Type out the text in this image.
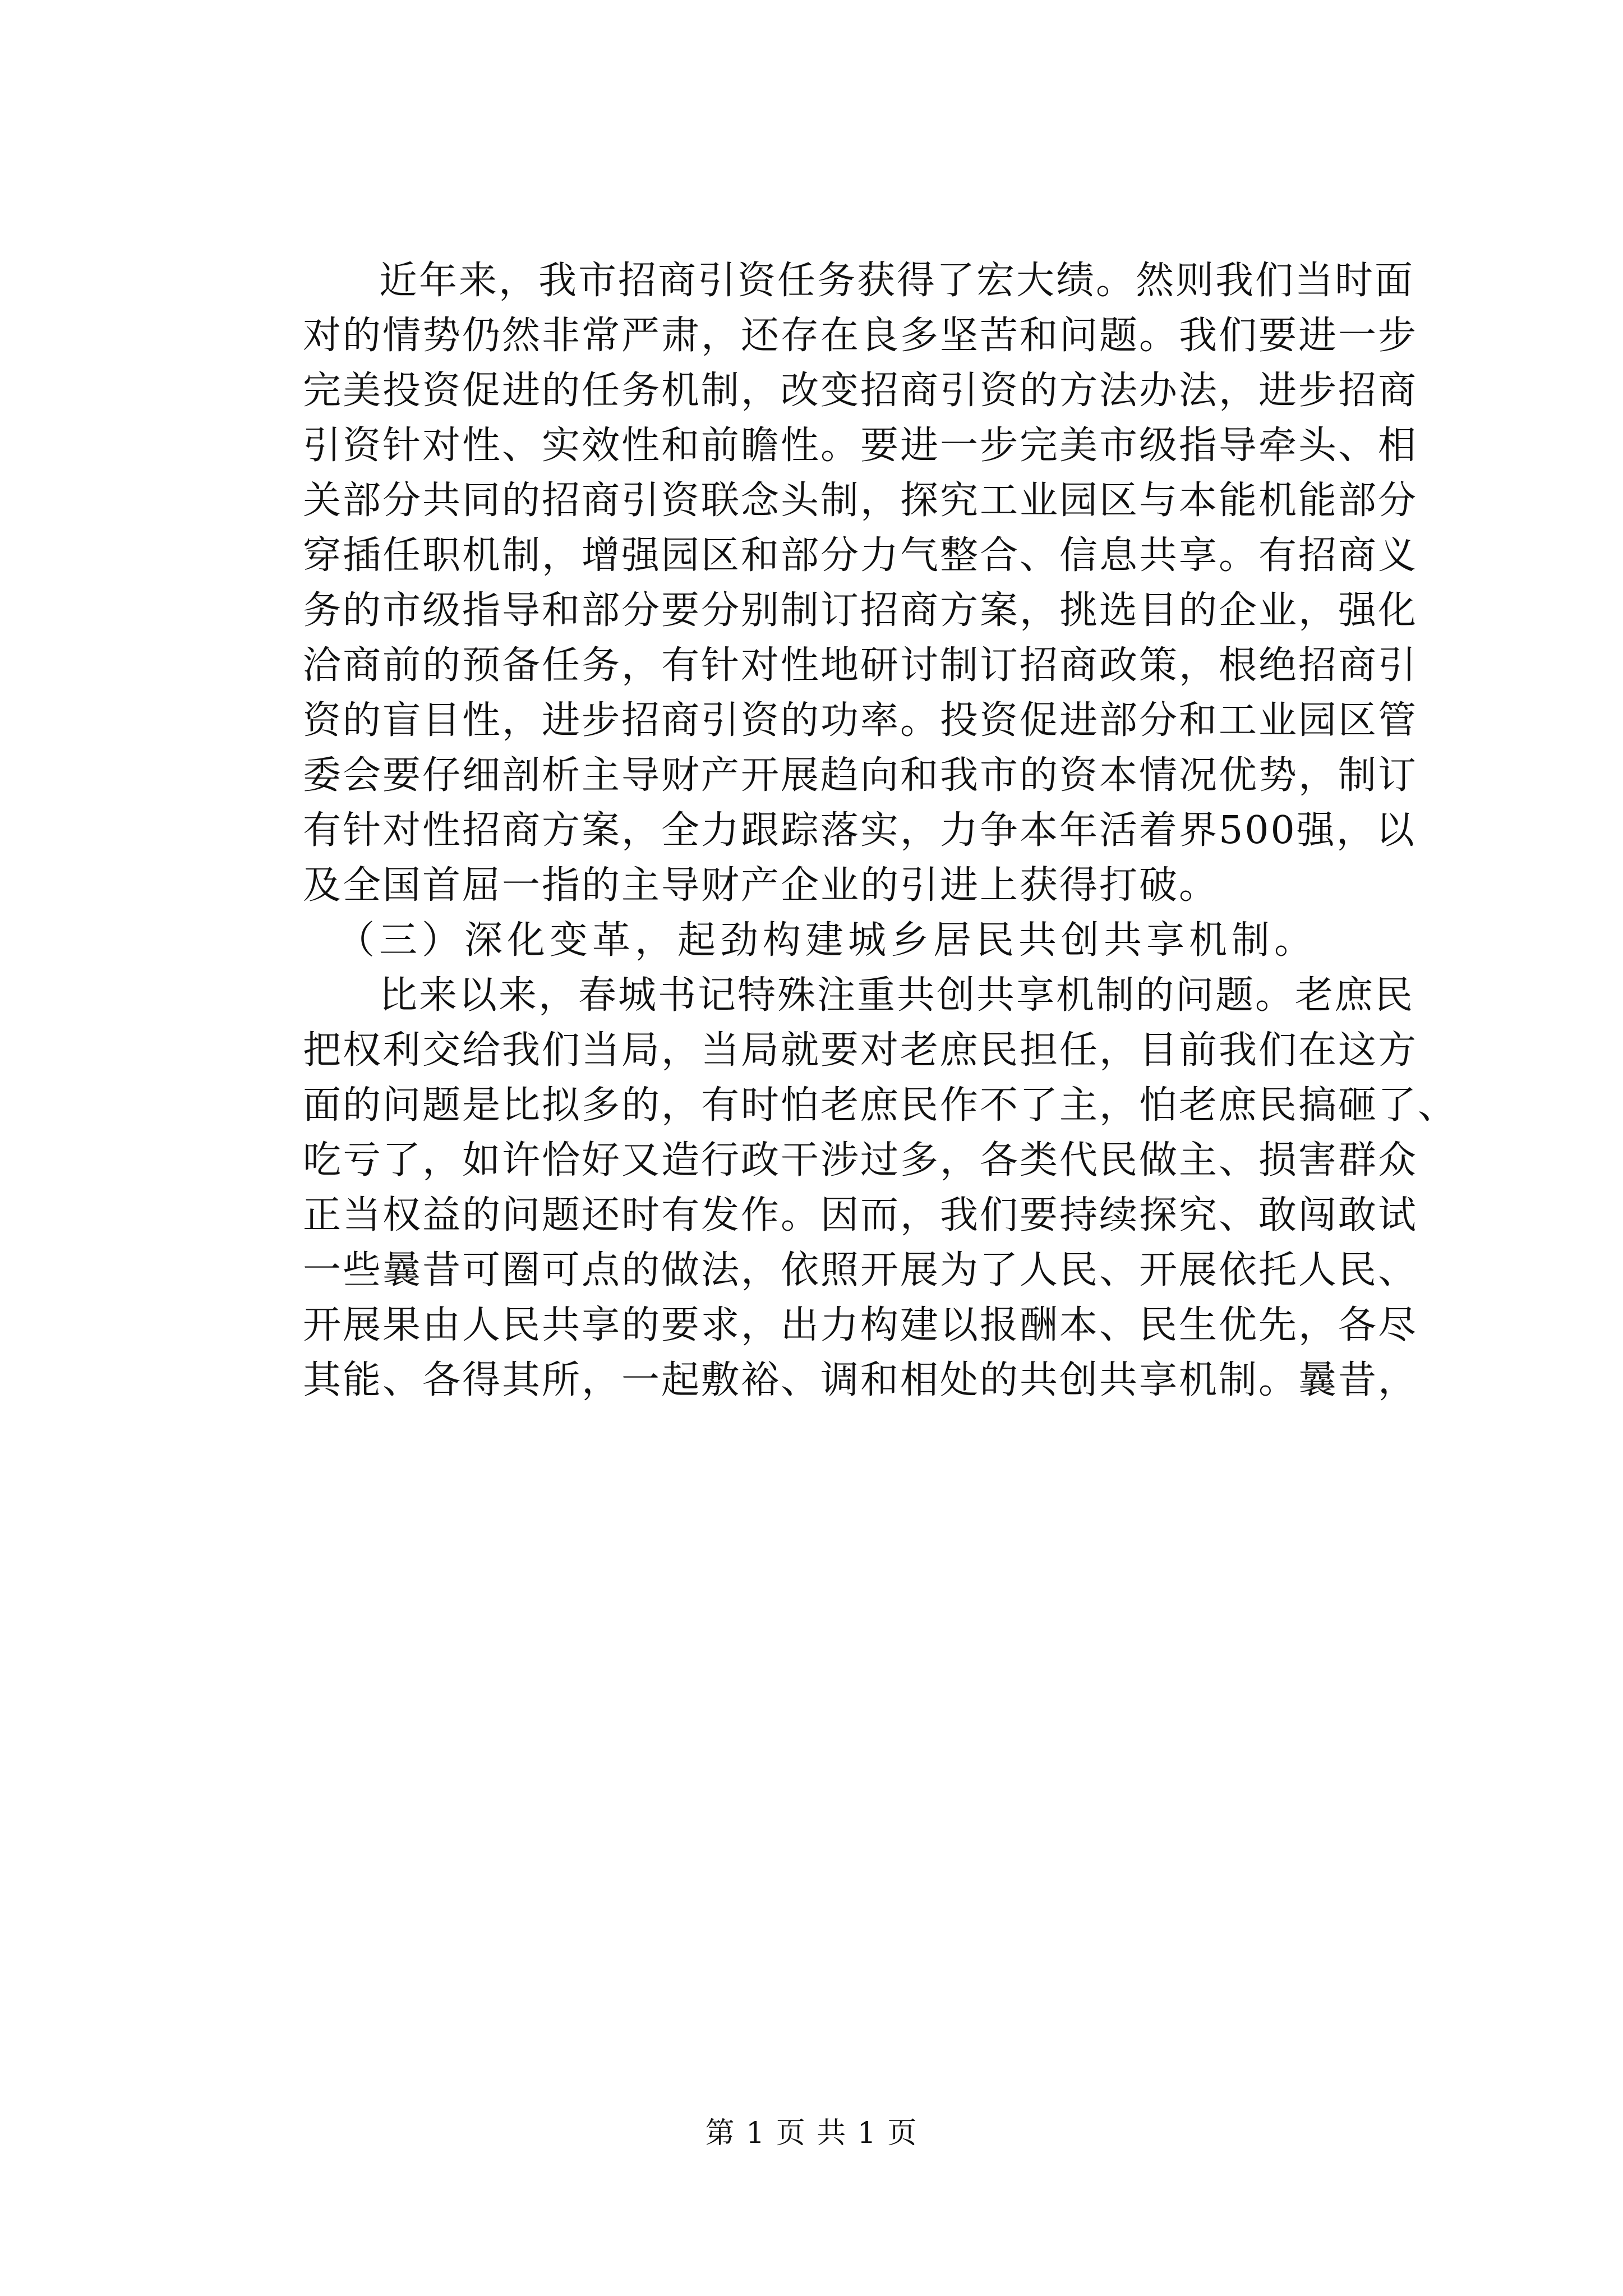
近年来，我市招商引资任务获得了宏大绩。然则我们当时面
对的情势仍然非常严肃，还存在良多坚苦和问题。我们要进一步
完美投资促进的任务机制，改变招商引资的方法办法，进步招商
引资针对性、实效性和前瞻性。要进一步完美市级指导牵头、相
关部分共同的招商引资联念头制，探究工业园区与本能机能部分
穿插任职机制，增强园区和部分力气整合、信息共享。有招商义
务的市级指导和部分要分别制订招商方案，挑选目的企业，强化
洽商前的预备任务，有针对性地研讨制订招商政策，根绝招商引
资的盲目性，进步招商引资的功率。投资促进部分和工业园区管
委会要仔细剖析主导财产开展趋向和我市的资本情况优势，制订
有针对性招商方案，全力跟踪落实，力争本年活着界500强，以
及全国首屈一指的主导财产企业的引进上获得打破。
（三）深化变革，起劲构建城乡居民共创共享机制。
比来以来，春城书记特殊注重共创共享机制的问题。老庶民
把权利交给我们当局，当局就要对老庶民担任，目前我们在这方
面的问题是比拟多的，有时怕老庶民作不了主，怕老庶民搞砸了、
吃亏了，如许恰好又造行政干涉过多，各类代民做主、损害群众
正当权益的问题还时有发作。因而，我们要持续探究、敢闯敢试
一些曩昔可圈可点的做法，依照开展为了人民、开展依托人民、
开展果由人民共享的要求，出力构建以报酬本、民生优先，各尽
其能、各得其所，一起敷裕、调和相处的共创共享机制。曩昔，
第 1 页 共 1 页
